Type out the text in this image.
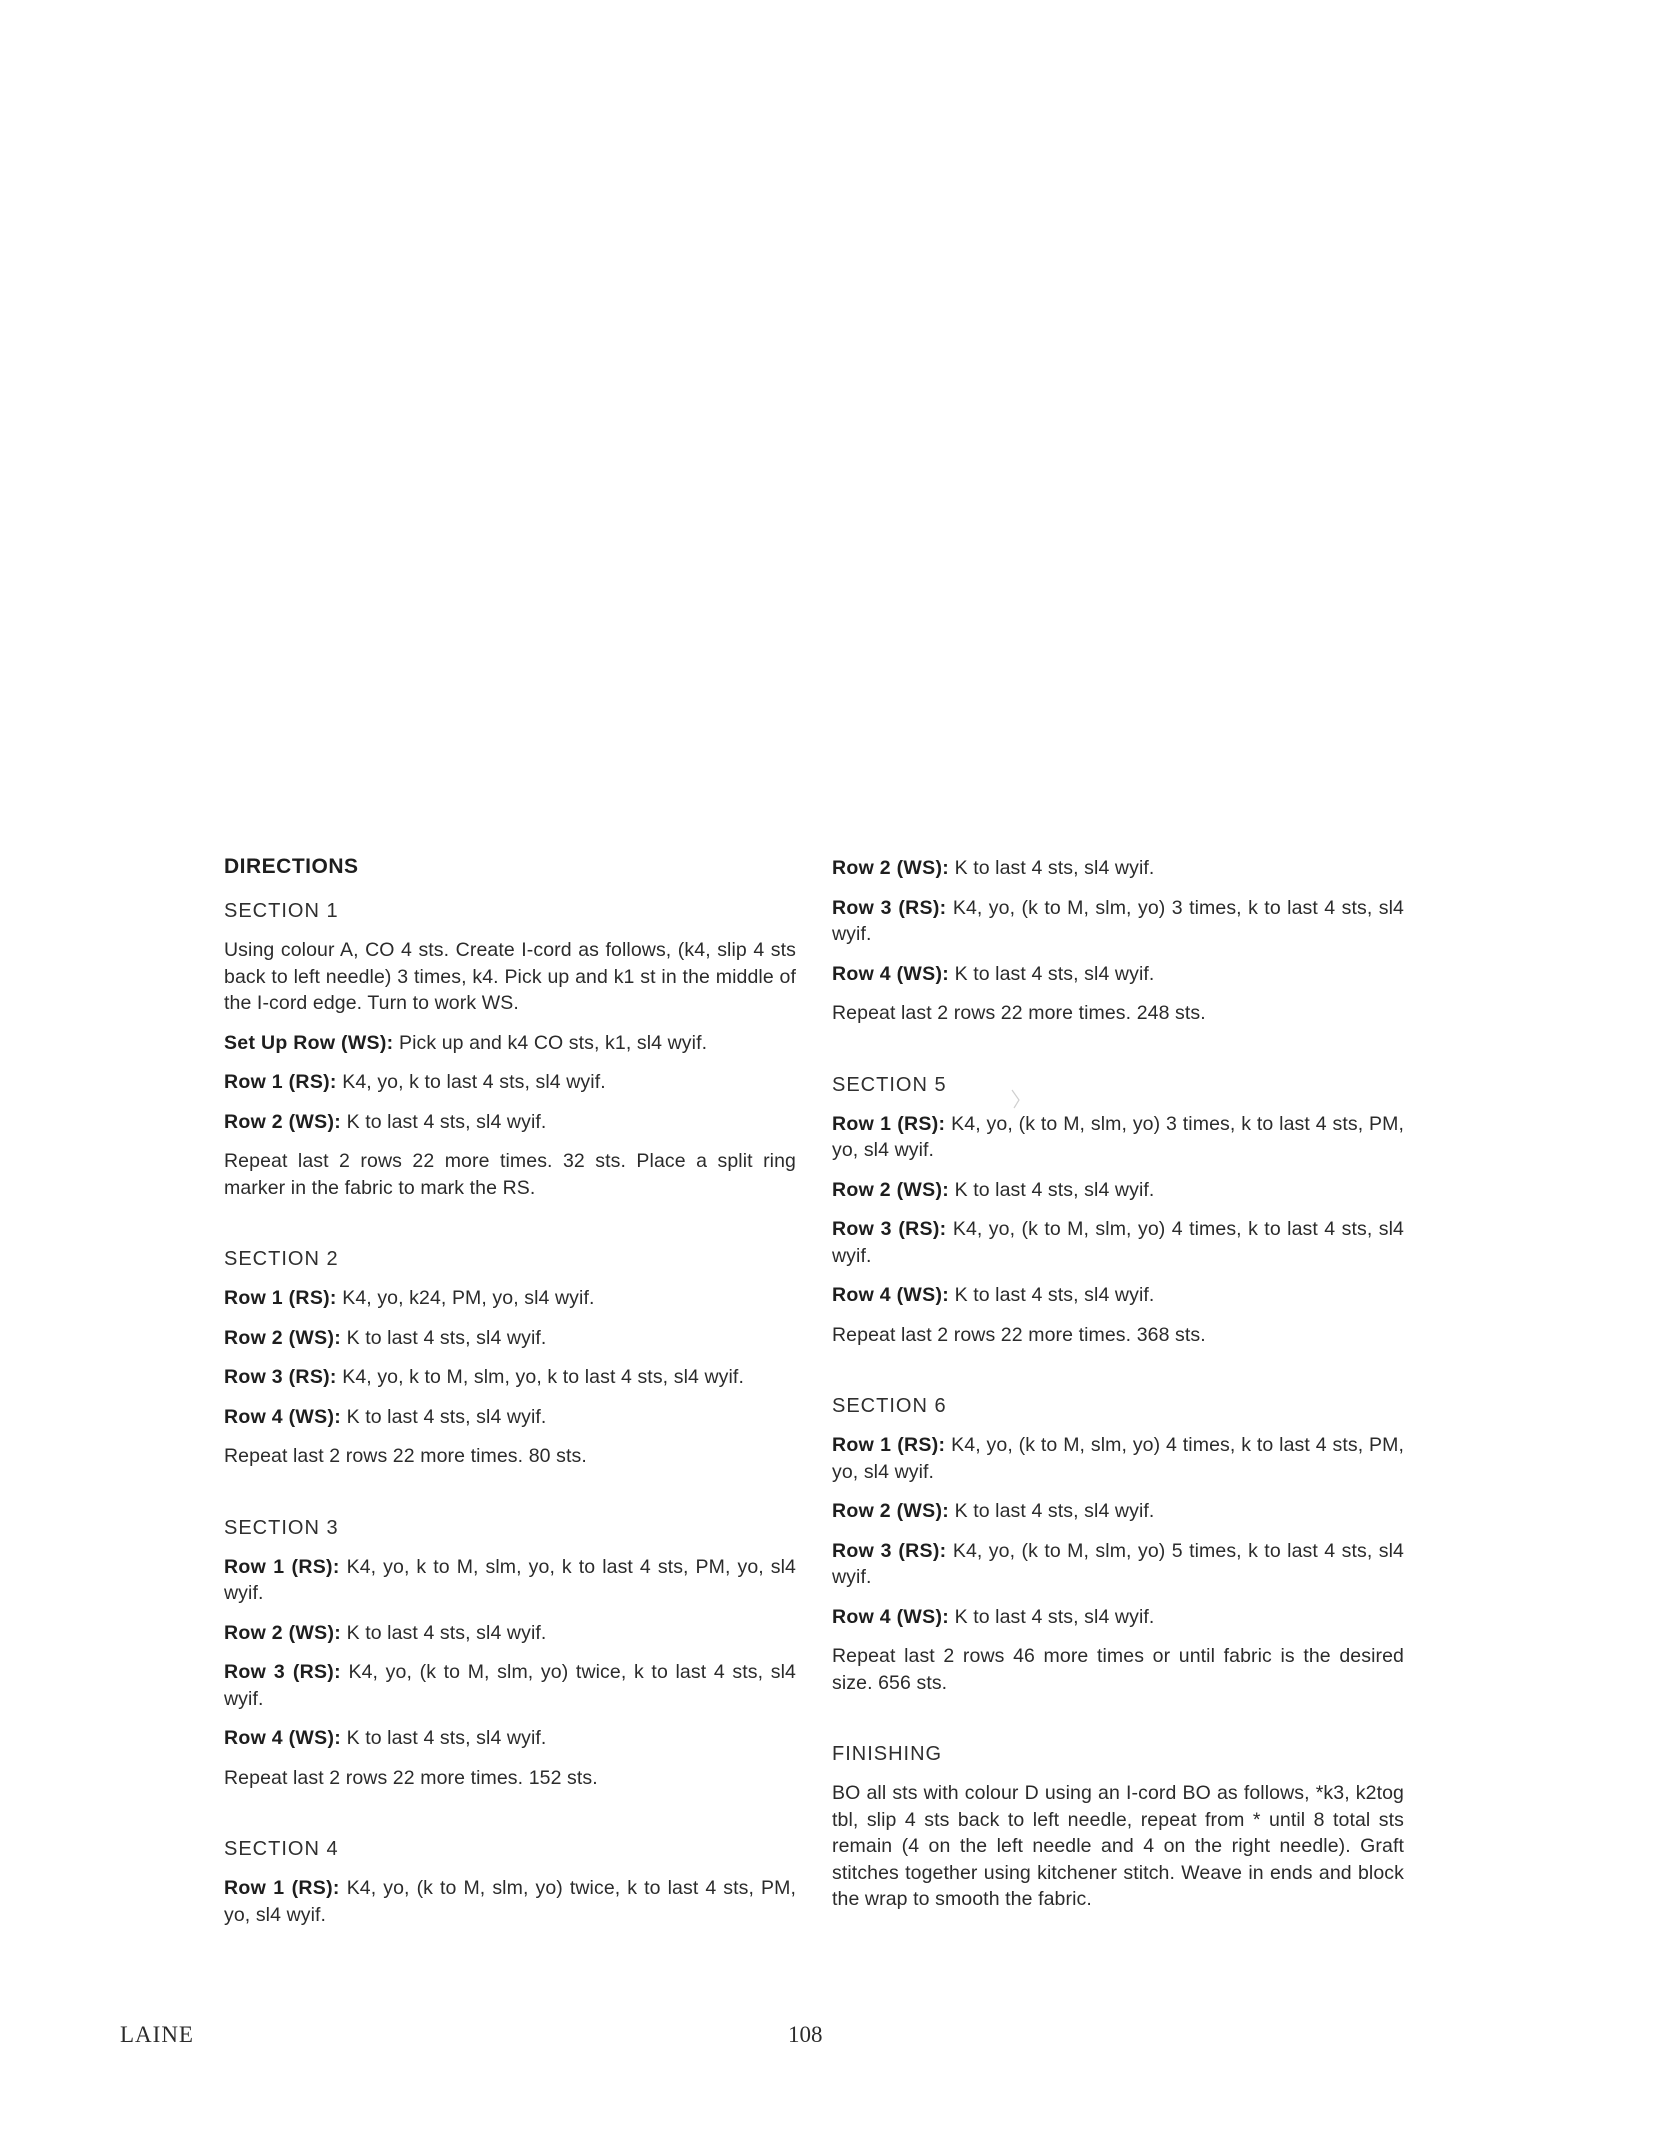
DIRECTIONS
SECTION 1

Using colour A, CO 4 sts. Create I-cord as follows, (k4, slip 4 sts back to left needle) 3 times, k4. Pick up and k1 st in the middle of the I-cord edge. Turn to work WS.

Set Up Row (WS): Pick up and k4 CO sts, k1, sl4 wyif.

Row 1 (RS): K4, yo, k to last 4 sts, sl4 wyif.

Row 2 (WS): K to last 4 sts, sl4 wyif.

Repeat last 2 rows 22 more times. 32 sts. Place a split ring marker in the fabric to mark the RS.

SECTION 2

Row 1 (RS): K4, yo, k24, PM, yo, sl4 wyif.

Row 2 (WS): K to last 4 sts, sl4 wyif.

Row 3 (RS): K4, yo, k to M, slm, yo, k to last 4 sts, sl4 wyif.

Row 4 (WS): K to last 4 sts, sl4 wyif.

Repeat last 2 rows 22 more times. 80 sts.

SECTION 3

Row 1 (RS): K4, yo, k to M, slm, yo, k to last 4 sts, PM, yo, sl4 wyif.

Row 2 (WS): K to last 4 sts, sl4 wyif.

Row 3 (RS): K4, yo, (k to M, slm, yo) twice, k to last 4 sts, sl4 wyif.

Row 4 (WS): K to last 4 sts, sl4 wyif.

Repeat last 2 rows 22 more times. 152 sts.

SECTION 4

Row 1 (RS): K4, yo, (k to M, slm, yo) twice, k to last 4 sts, PM, yo, sl4 wyif.

Row 2 (WS): K to last 4 sts, sl4 wyif.

Row 3 (RS): K4, yo, (k to M, slm, yo) 3 times, k to last 4 sts, sl4 wyif.

Row 4 (WS): K to last 4 sts, sl4 wyif.

Repeat last 2 rows 22 more times. 248 sts.

SECTION 5

Row 1 (RS): K4, yo, (k to M, slm, yo) 3 times, k to last 4 sts, PM, yo, sl4 wyif.

Row 2 (WS): K to last 4 sts, sl4 wyif.

Row 3 (RS): K4, yo, (k to M, slm, yo) 4 times, k to last 4 sts, sl4 wyif.

Row 4 (WS): K to last 4 sts, sl4 wyif.

Repeat last 2 rows 22 more times. 368 sts.

SECTION 6

Row 1 (RS): K4, yo, (k to M, slm, yo) 4 times, k to last 4 sts, PM, yo, sl4 wyif.

Row 2 (WS): K to last 4 sts, sl4 wyif.

Row 3 (RS): K4, yo, (k to M, slm, yo) 5 times, k to last 4 sts, sl4 wyif.

Row 4 (WS): K to last 4 sts, sl4 wyif.

Repeat last 2 rows 46 more times or until fabric is the desired size. 656 sts.

FINISHING

BO all sts with colour D using an I-cord BO as follows, *k3, k2tog tbl, slip 4 sts back to left needle, repeat from * until 8 total sts remain (4 on the left needle and 4 on the right needle). Graft stitches together using kitchener stitch. Weave in ends and block the wrap to smooth the fabric.

LAINE	108
